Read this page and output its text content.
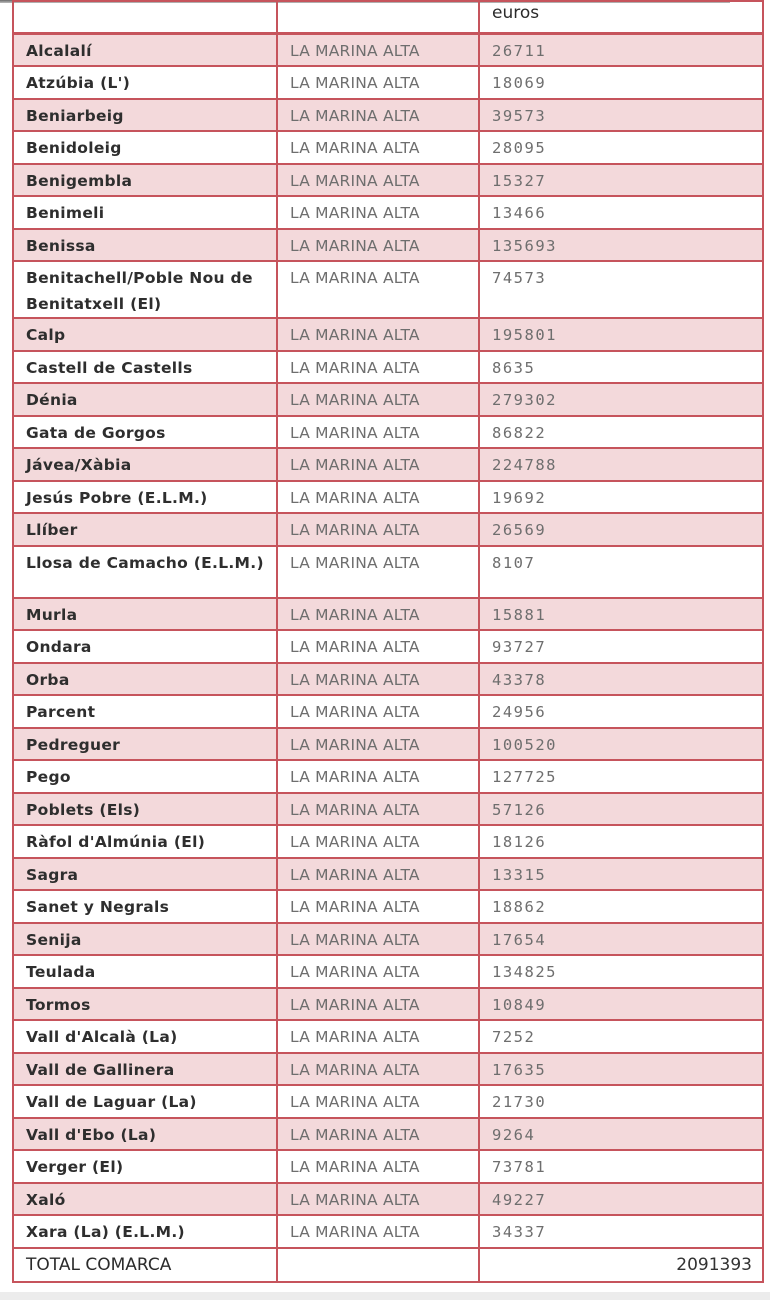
		euros
Alcalalí	LA MARINA ALTA	26711
Atzúbia (L')	LA MARINA ALTA	18069
Beniarbeig	LA MARINA ALTA	39573
Benidoleig	LA MARINA ALTA	28095
Benigembla	LA MARINA ALTA	15327
Benimeli	LA MARINA ALTA	13466
Benissa	LA MARINA ALTA	135693
Benitachell/Poble Nou de Benitatxell (El)	LA MARINA ALTA	74573
Calp	LA MARINA ALTA	195801
Castell de Castells	LA MARINA ALTA	8635
Dénia	LA MARINA ALTA	279302
Gata de Gorgos	LA MARINA ALTA	86822
Jávea/Xàbia	LA MARINA ALTA	224788
Jesús Pobre (E.L.M.)	LA MARINA ALTA	19692
Llíber	LA MARINA ALTA	26569
Llosa de Camacho (E.L.M.)	LA MARINA ALTA	8107
Murla	LA MARINA ALTA	15881
Ondara	LA MARINA ALTA	93727
Orba	LA MARINA ALTA	43378
Parcent	LA MARINA ALTA	24956
Pedreguer	LA MARINA ALTA	100520
Pego	LA MARINA ALTA	127725
Poblets (Els)	LA MARINA ALTA	57126
Ràfol d'Almúnia (El)	LA MARINA ALTA	18126
Sagra	LA MARINA ALTA	13315
Sanet y Negrals	LA MARINA ALTA	18862
Senija	LA MARINA ALTA	17654
Teulada	LA MARINA ALTA	134825
Tormos	LA MARINA ALTA	10849
Vall d'Alcalà (La)	LA MARINA ALTA	7252
Vall de Gallinera	LA MARINA ALTA	17635
Vall de Laguar (La)	LA MARINA ALTA	21730
Vall d'Ebo (La)	LA MARINA ALTA	9264
Verger (El)	LA MARINA ALTA	73781
Xaló	LA MARINA ALTA	49227
Xara (La) (E.L.M.)	LA MARINA ALTA	34337
TOTAL COMARCA		2091393
